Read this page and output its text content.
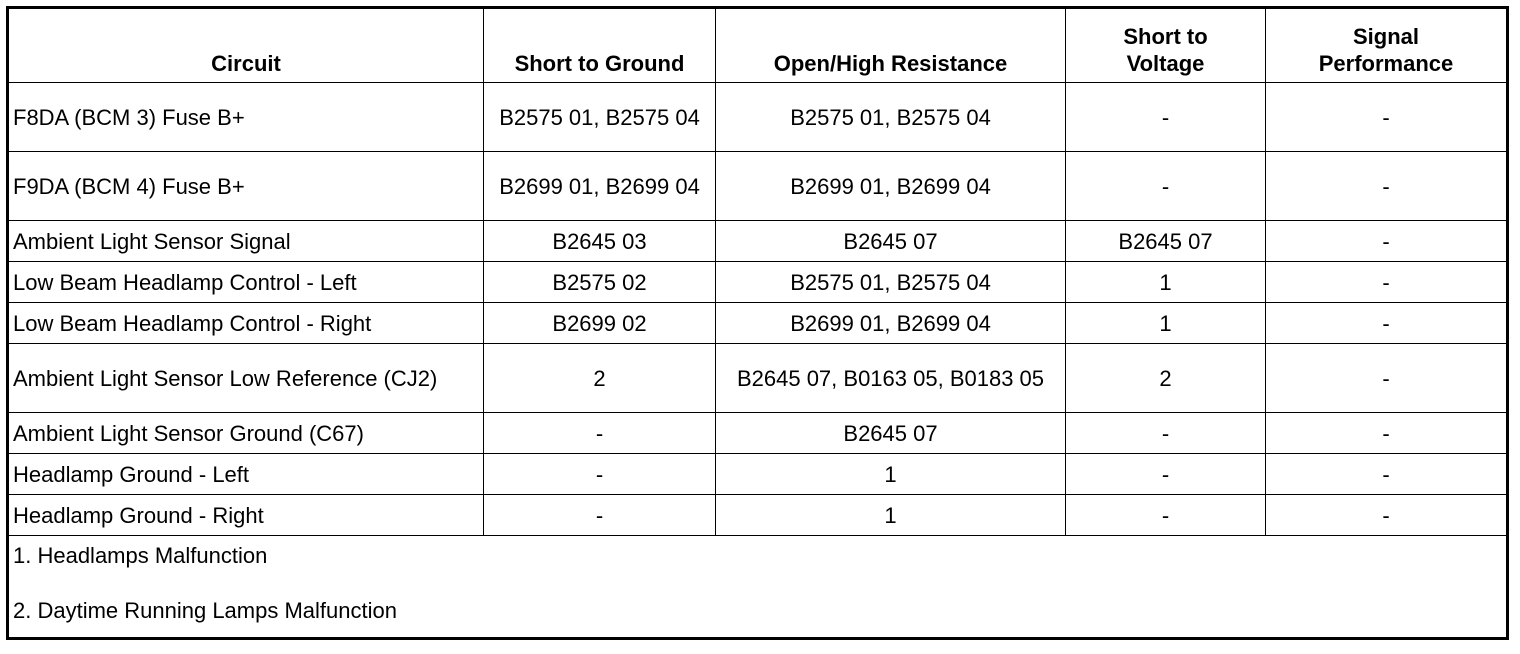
Circuit	Short to Ground	Open/High Resistance	Short to Voltage	Signal Performance
F8DA (BCM 3) Fuse B+	B2575 01, B2575 04	B2575 01, B2575 04	-	-
F9DA (BCM 4) Fuse B+	B2699 01, B2699 04	B2699 01, B2699 04	-	-
Ambient Light Sensor Signal	B2645 03	B2645 07	B2645 07	-
Low Beam Headlamp Control - Left	B2575 02	B2575 01, B2575 04	1	-
Low Beam Headlamp Control - Right	B2699 02	B2699 01, B2699 04	1	-
Ambient Light Sensor Low Reference (CJ2)	2	B2645 07, B0163 05, B0183 05	2	-
Ambient Light Sensor Ground (C67)	-	B2645 07	-	-
Headlamp Ground - Left	-	1	-	-
Headlamp Ground - Right	-	1	-	-

1. Headlamps Malfunction
2. Daytime Running Lamps Malfunction				
